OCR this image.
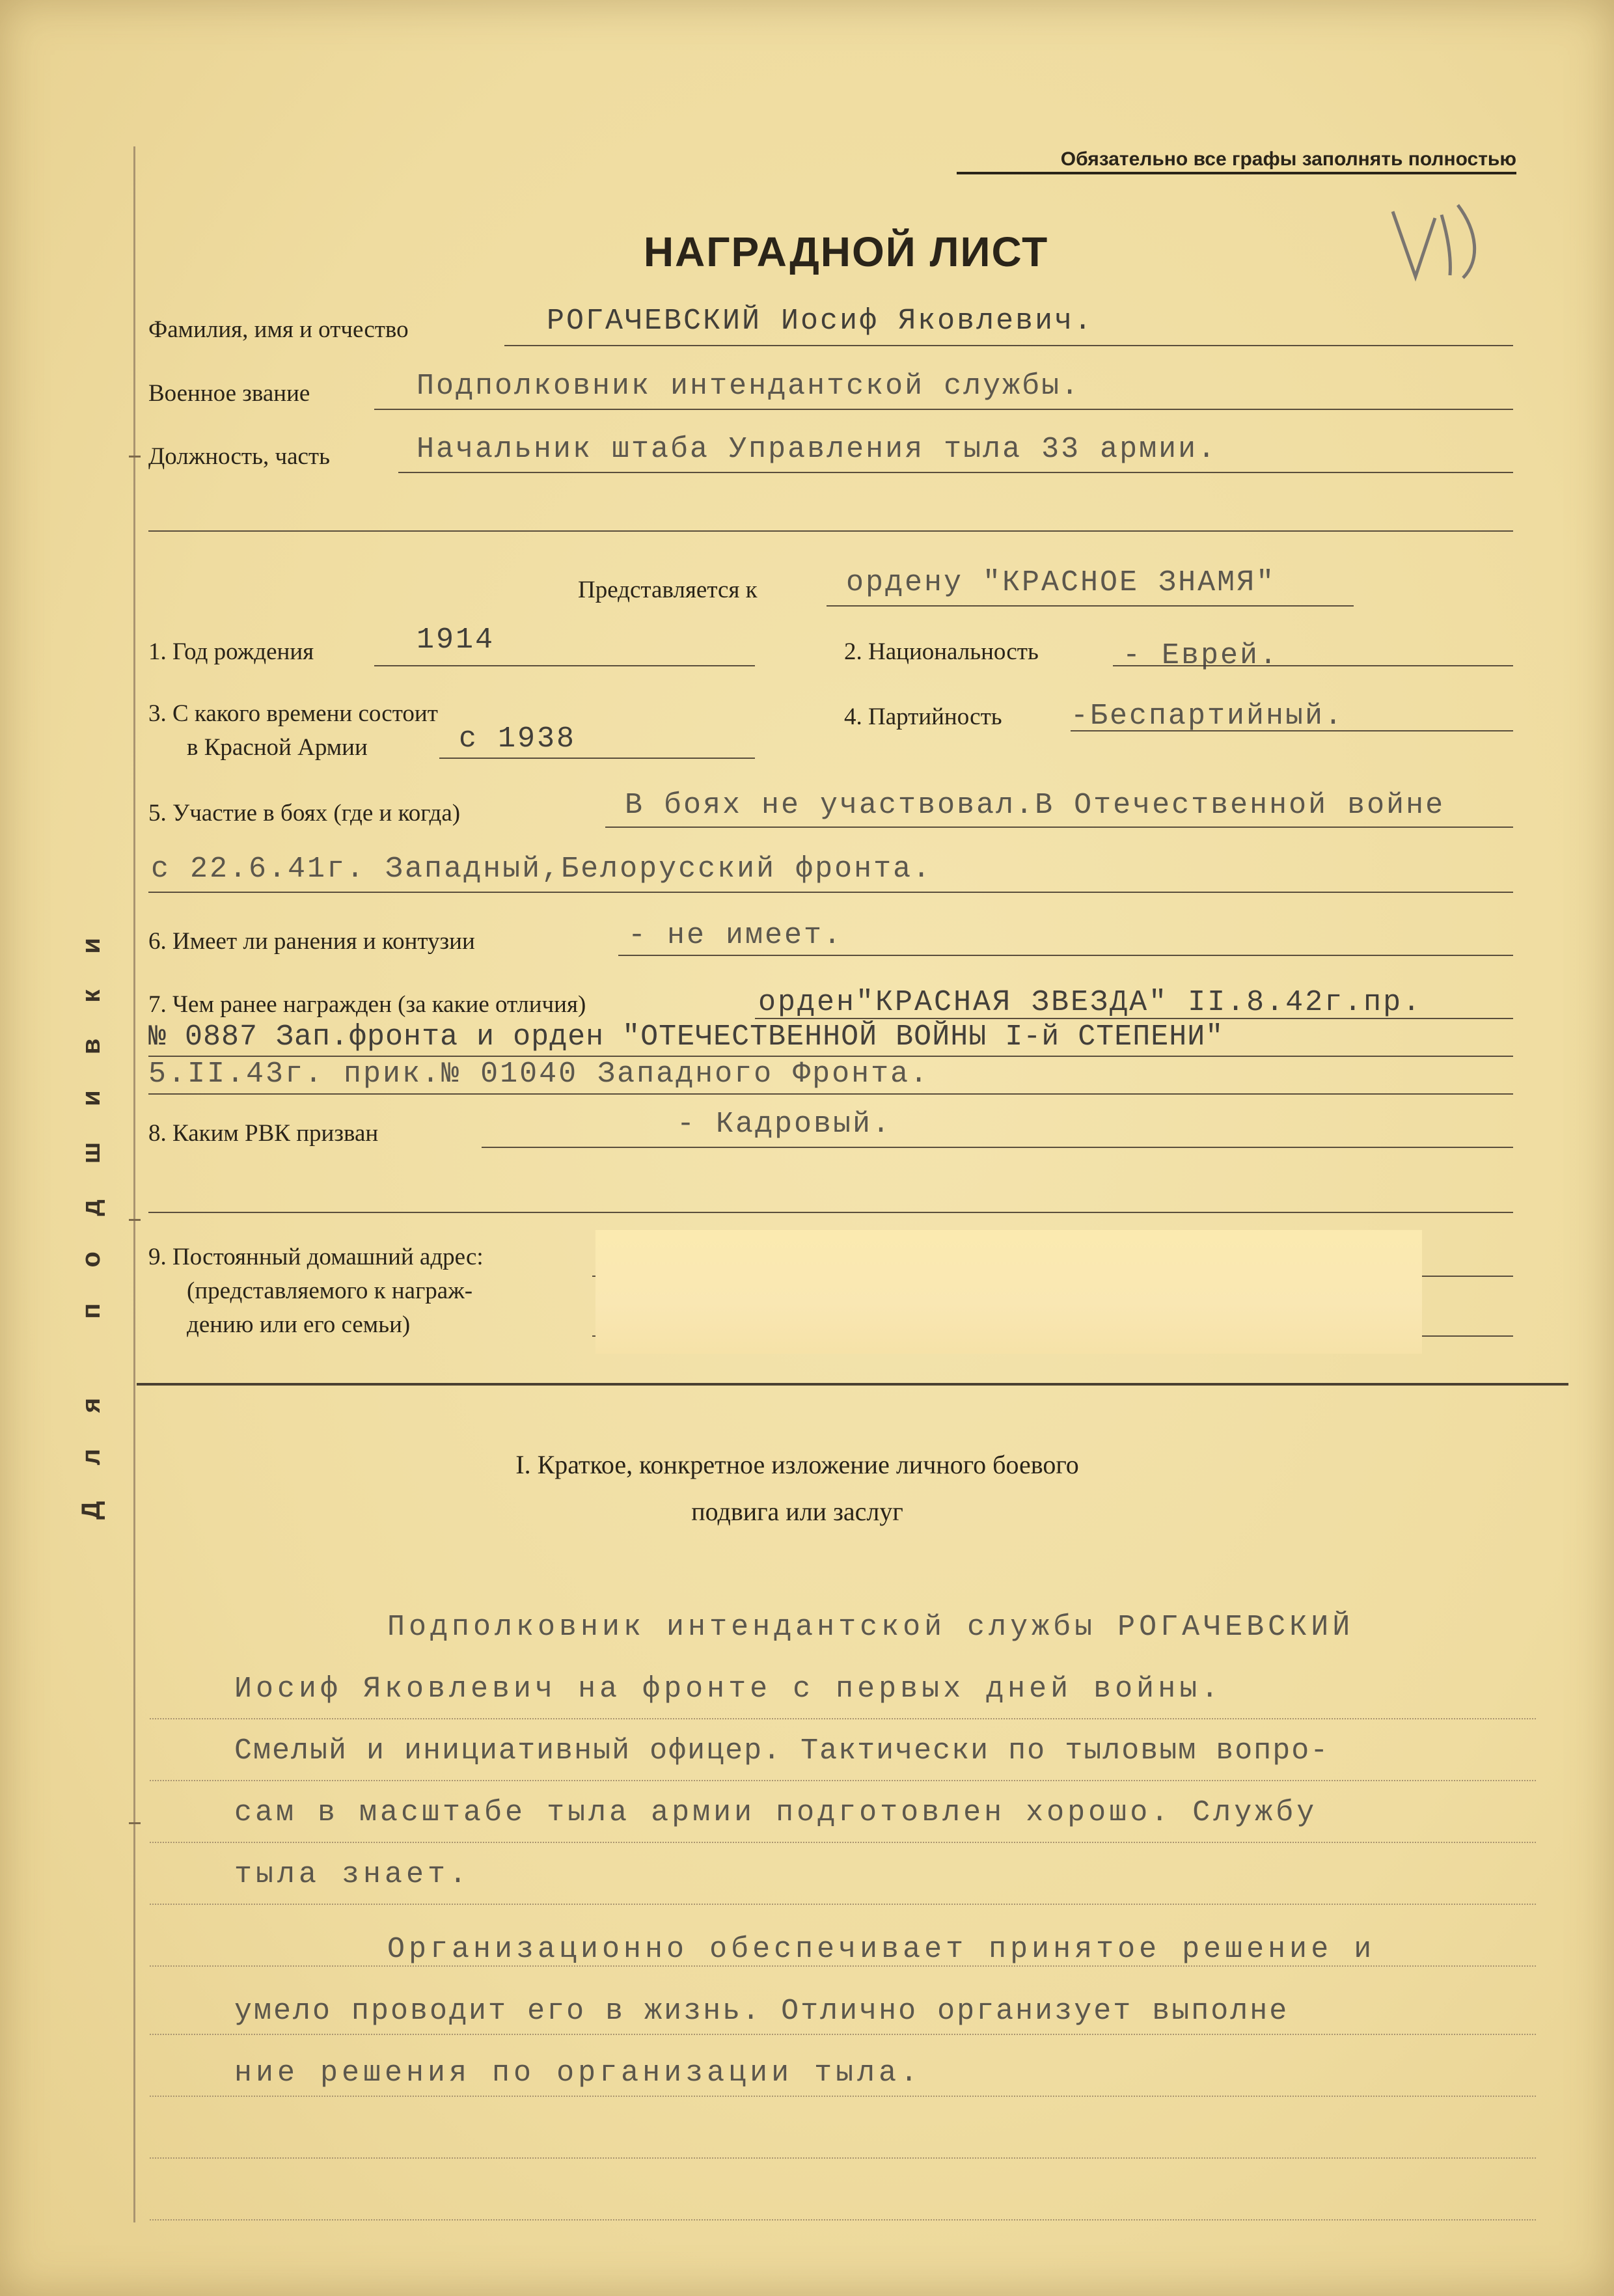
Для подшивки
Обязательно все графы заполнять полностью
НАГРАДНОЙ ЛИСТ
Фамилия, имя и отчество	РОГАЧЕВСКИЙ Иосиф Яковлевич.
Военное звание	Подполковник интендантской службы.
Должность, часть	Начальник штаба Управления тыла 33 армии.
Представляется к	ордену "КРАСНОЕ ЗНАМЯ"
1. Год рождения	1914	2. Национальность	- Еврей.
3. С какого времени состоит
в Красной Армии	с 1938
4. Партийность -Беспартийный.
5. Участие в боях (где и когда)	В боях не участвовал.В Отечественной войне
с 22.6.41г. Западный,Белорусский фронта.
6. Имеет ли ранения и контузии	- не имеет.
7. Чем ранее награжден (за какие отличия)	орден"КРАСНАЯ ЗВЕЗДА" II.8.42г.пр.
№ 0887 Зап.фронта и орден "ОТЕЧЕСТВЕННОЙ ВОЙНЫ I-й СТЕПЕНИ"
5.II.43г. прик.№ 01040 Западного Фронта.
8. Каким РВК призван	- Кадровый.
9. Постоянный домашний адрес:
(представляемого к награж-
дению или его семьи)
I. Краткое, конкретное изложение личного боевого
подвига или заслуг
Подполковник интендантской службы РОГАЧЕВСКИЙ
Иосиф Яковлевич на фронте с первых дней войны.
Смелый и инициативный офицер. Тактически по тыловым вопро-
сам в масштабе тыла армии подготовлен хорошо. Службу
тыла знает.
Организационно обеспечивает принятое решение и
умело проводит его в жизнь. Отлично организует выполне
ние решения по организации тыла.
